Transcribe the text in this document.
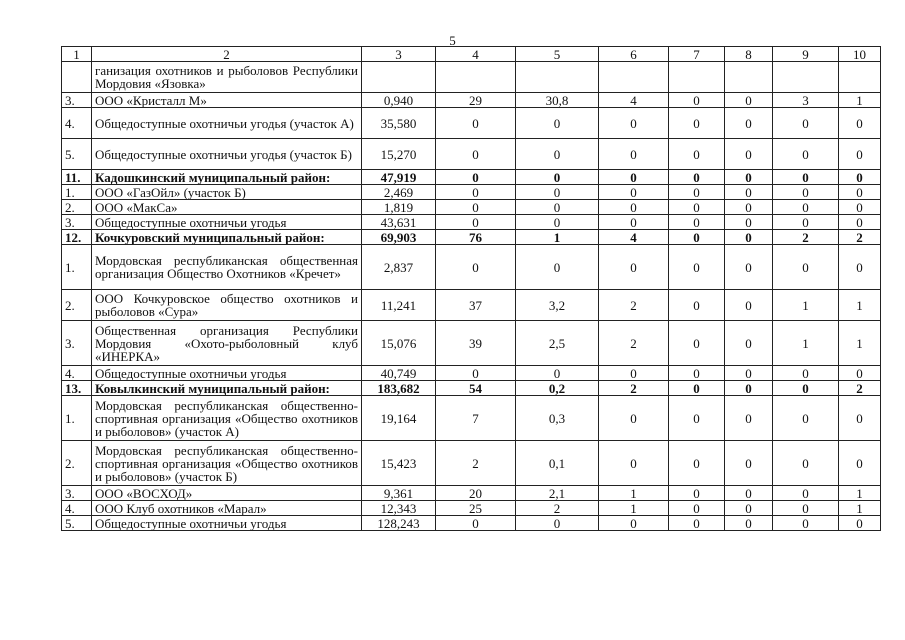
5
1	2	3	4	5	6	7	8	9	10
	ганизация охотников и рыболовов Республики Мордовия «Язовка»								
3.	ООО «Кристалл М»	0,940	29	30,8	4	0	0	3	1
4.	Общедоступные охотничьи угодья (участок А)	35,580	0	0	0	0	0	0	0
5.	Общедоступные охотничьи угодья (участок Б)	15,270	0	0	0	0	0	0	0
11.	Кадошкинский муниципальный район:	47,919	0	0	0	0	0	0	0
1.	ООО «ГазОйл» (участок Б)	2,469	0	0	0	0	0	0	0
2.	ООО «МакСа»	1,819	0	0	0	0	0	0	0
3.	Общедоступные охотничьи угодья	43,631	0	0	0	0	0	0	0
12.	Кочкуровский муниципальный район:	69,903	76	1	4	0	0	2	2
1.	Мордовская республиканская общественная организация Общество Охотников «Кречет»	2,837	0	0	0	0	0	0	0
2.	ООО Кочкуровское общество охотников и рыболовов «Сура»	11,241	37	3,2	2	0	0	1	1
3.	Общественная организация Республики Мордовия «Охото-рыболовный клуб «ИНЕРКА»	15,076	39	2,5	2	0	0	1	1
4.	Общедоступные охотничьи угодья	40,749	0	0	0	0	0	0	0
13.	Ковылкинский муниципальный район:	183,682	54	0,2	2	0	0	0	2
1.	Мордовская республиканская общественно-спортивная организация «Общество охотников и рыболовов» (участок А)	19,164	7	0,3	0	0	0	0	0
2.	Мордовская республиканская общественно-спортивная организация «Общество охотников и рыболовов» (участок Б)	15,423	2	0,1	0	0	0	0	0
3.	ООО «ВОСХОД»	9,361	20	2,1	1	0	0	0	1
4.	ООО Клуб охотников «Марал»	12,343	25	2	1	0	0	0	1
5.	Общедоступные охотничьи угодья	128,243	0	0	0	0	0	0	0
